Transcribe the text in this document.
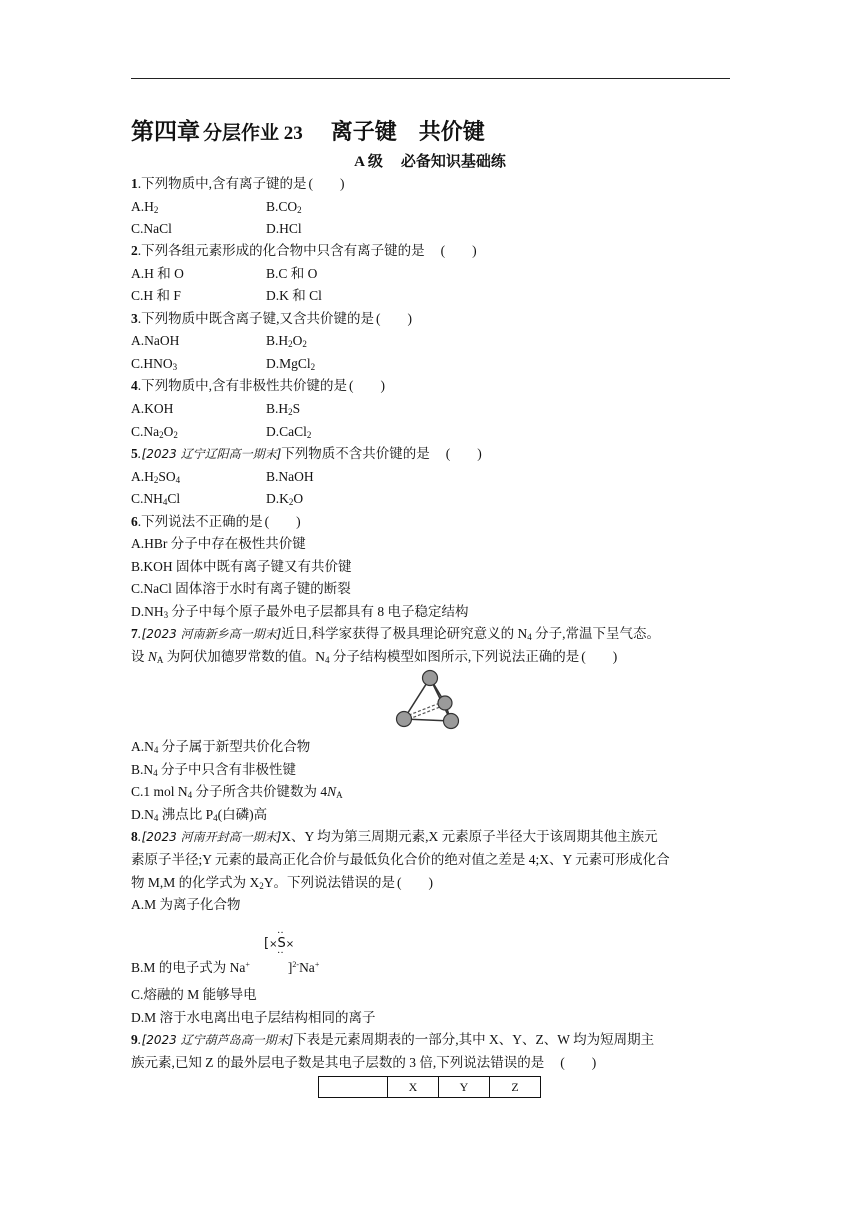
第四章 分层作业 23 离子键 共价键
A 级 必备知识基础练
1.下列物质中,含有离子键的是 (　　)
$A.H_2$	$B.CO_2$
C.NaCl	D.HCl
2.下列各组元素形成的化合物中只含有离子键的是 (　　)
A.H 和 O	B.C 和 O
C.H 和 F	D.K 和 Cl
3.下列物质中既含离子键,又含共价键的是 (　　)
A.NaOH	$B.H_2O_2$
$C.HNO_3$	D.MgCl$_2$
4.下列物质中,含有非极性共价键的是 (　　)
A.KOH	$B.H_2S$
$C.Na_2O_2$	D.CaCl$_2$
5.[2023 辽宁辽阳高一期末]下列物质不含共价键的是 (　　)
$A.H_2SO_4$	B.NaOH
$C.NH_4Cl$	$D.K_2O$
6.下列说法不正确的是 (　　)
A.HBr 分子中存在极性共价键
B.KOH 固体中既有离子键又有共价键
C.NaCl 固体溶于水时有离子键的断裂
$D.NH_3$ 分子中每个原子最外电子层都具有 8 电子稳定结构
7.[2023 河南新乡高一期末]近日,科学家获得了极具理论研究意义的 $N_4$ 分子,常温下呈气态。
设 $N_A$ 为阿伏加德罗常数的值。$N_4$ 分子结构模型如图所示,下列说法正确的是 (　　)
$A.N_4$ 分子属于新型共价化合物
$B.N_4$ 分子中只含有非极性键
C.1 mol $N_4$ 分子所含共价键数为 $4N_A$
$D.N_4$ 沸点比 $P_4$(白磷)高
8.[2023 河南开封高一期末]X、Y 均为第三周期元素,X 元素原子半径大于该周期其他主族元
素原子半径;Y 元素的最高正化合价与最低负化合价的绝对值之差是 4;X、Y 元素可形成化合
物 M,M 的化学式为 $X_2Y$。下列说法错误的是 (　　)
A.M 为离子化合物
B.M 的电子式为 Na+	]$^{2-}$Na+
[×S×
··
··
C.熔融的 M 能够导电
D.M 溶于水电离出电子层结构相同的离子
9.[2023 辽宁葫芦岛高一期末]下表是元素周期表的一部分,其中 X、Y、Z、W 均为短周期主
族元素,已知 Z 的最外层电子数是其电子层数的 3 倍,下列说法错误的是 (　　)
	X	Y	Z
